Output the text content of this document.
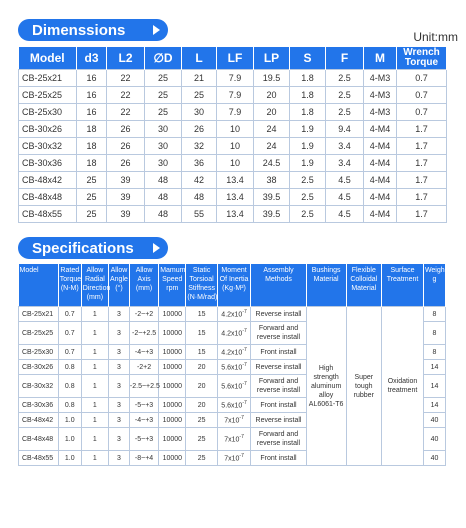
Dimenssions	Unit:mm
Model	d3	L2	∅D	L	LF	LP	S	F	M	Wrench Torque
CB-25x21	16	22	25	21	7.9	19.5	1.8	2.5	4-M3	0.7
CB-25x25	16	22	25	25	7.9	20	1.8	2.5	4-M3	0.7
CB-25x30	16	22	25	30	7.9	20	1.8	2.5	4-M3	0.7
CB-30x26	18	26	30	26	10	24	1.9	9.4	4-M4	1.7
CB-30x32	18	26	30	32	10	24	1.9	3.4	4-M4	1.7
CB-30x36	18	26	30	36	10	24.5	1.9	3.4	4-M4	1.7
CB-48x42	25	39	48	42	13.4	38	2.5	4.5	4-M4	1.7
CB-48x48	25	39	48	48	13.4	39.5	2.5	4.5	4-M4	1.7
CB-48x55	25	39	48	55	13.4	39.5	2.5	4.5	4-M4	1.7
Specifications
Model	Rated Torque (N-M)	Allow Radial Direction (mm)	Allow Angle (°)	Allow Axis (mm)	Mamum Speed rpm	Static Torsioal Stiffness (N·M/rad)	Moment Of Inertia (Kg·M²)	Assembly Methods	Bushings Material	Flexible Colloidal Material	Surface Treatment	Weigh g
CB-25x21	0.7	1	3	-2~+2	10000	15	$4.2x10^{-7}$	Reverse install	High strength aluminum alloy AL6061-T6	Super tough rubber	Oxidation treatment	8
CB-25x25	0.7	1	3	-2~+2.5	10000	15	$4.2x10^{-7}$	Forward and reverse install				8
CB-25x30	0.7	1	3	-4~+3	10000	15	$4.2x10^{-7}$	Front install				8
CB-30x26	0.8	1	3	-2+2	10000	20	$5.6x10^{-7}$	Reverse install				14
CB-30x32	0.8	1	3	-2.5~+2.5	10000	20	$5.6x10^{-7}$	Forward and reverse install				14
CB-30x36	0.8	1	3	-5~+3	10000	20	$5.6x10^{-7}$	Front install				14
CB-48x42	1.0	1	3	-4~+3	10000	25	$7x10^{-7}$	Reverse install				40
CB-48x48	1.0	1	3	-5~+3	10000	25	$7x10^{-7}$	Forward and reverse install				40
CB-48x55	1.0	1	3	-8~+4	10000	25	$7x10^{-7}$	Front install				40
